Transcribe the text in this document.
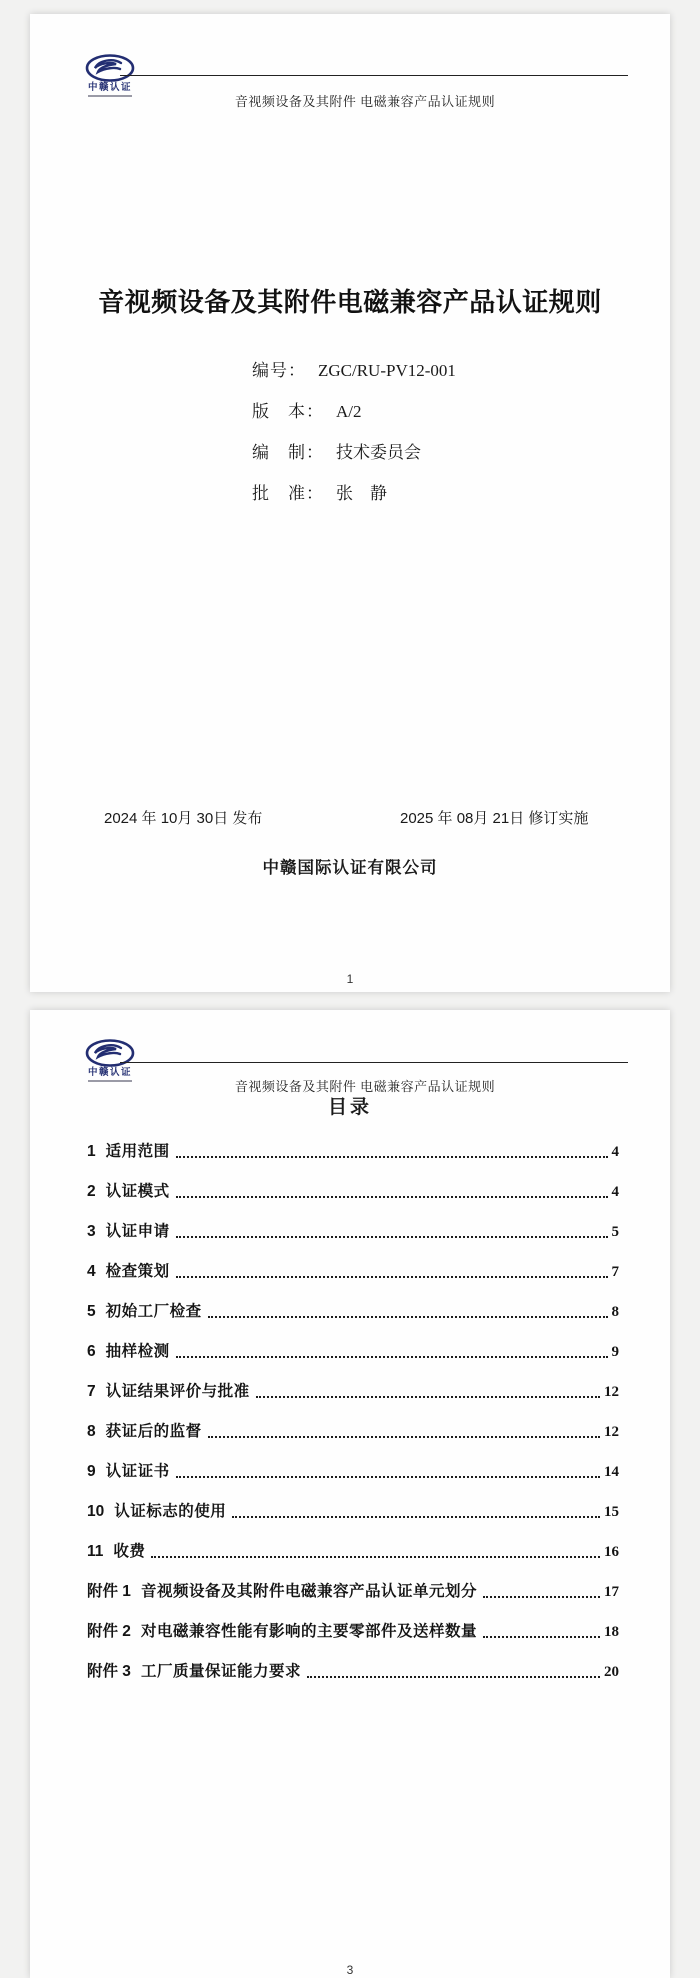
中赣认证
音视频设备及其附件 电磁兼容产品认证规则
音视频设备及其附件电磁兼容产品认证规则
编号： ZGC/RU-PV12-001
版　本： A/2
编　制： 技术委员会
批　准： 张　静
2024 年 10月 30日 发布	2025 年 08月 21日 修订实施
中赣国际认证有限公司
1
中赣认证
音视频设备及其附件 电磁兼容产品认证规则
目录
1 适用范围	4
2 认证模式	4
3 认证申请	5
4 检查策划	7
5 初始工厂检查	8
6 抽样检测	9
7 认证结果评价与批准	12
8 获证后的监督	12
9 认证证书	14
10 认证标志的使用	15
11 收费	16
附件 1 音视频设备及其附件电磁兼容产品认证单元划分	17
附件 2 对电磁兼容性能有影响的主要零部件及送样数量	18
附件 3 工厂质量保证能力要求	20
3
